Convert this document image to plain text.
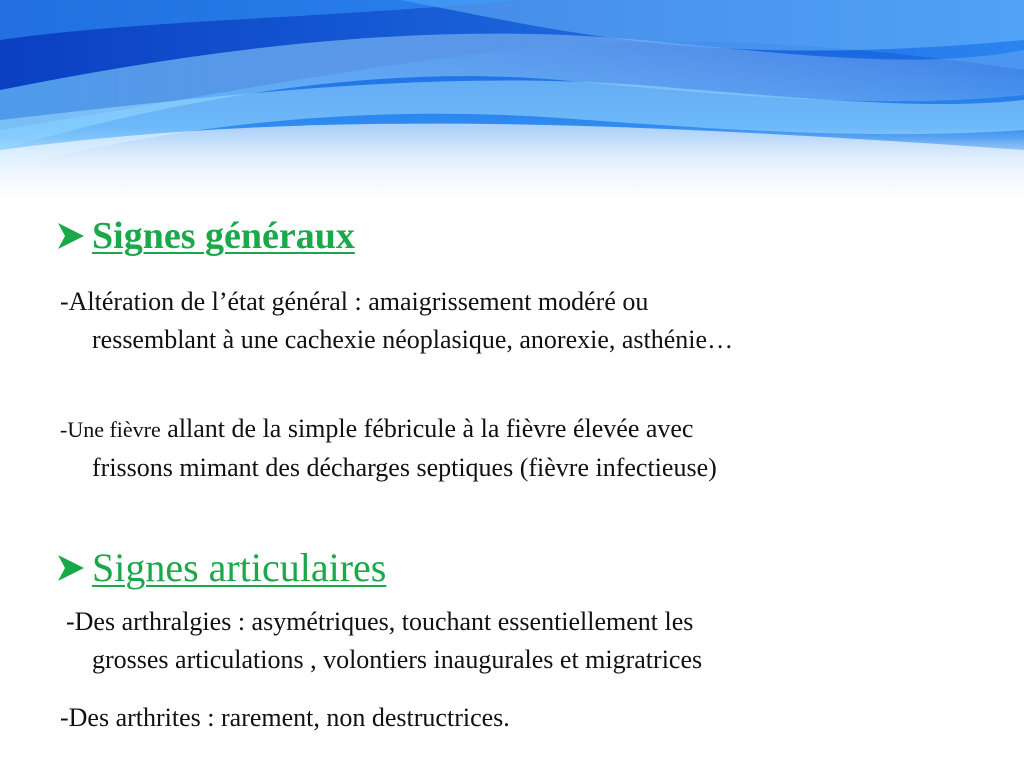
Signes généraux
-Altération de l’état général : amaigrissement modéré ou
ressemblant à une cachexie néoplasique, anorexie, asthénie…
-Une fièvre allant de la simple fébricule à la fièvre élevée avec
frissons mimant des décharges septiques (fièvre infectieuse)
Signes articulaires
-Des arthralgies : asymétriques, touchant essentiellement les
grosses articulations , volontiers inaugurales et migratrices
-Des arthrites : rarement, non destructrices.
